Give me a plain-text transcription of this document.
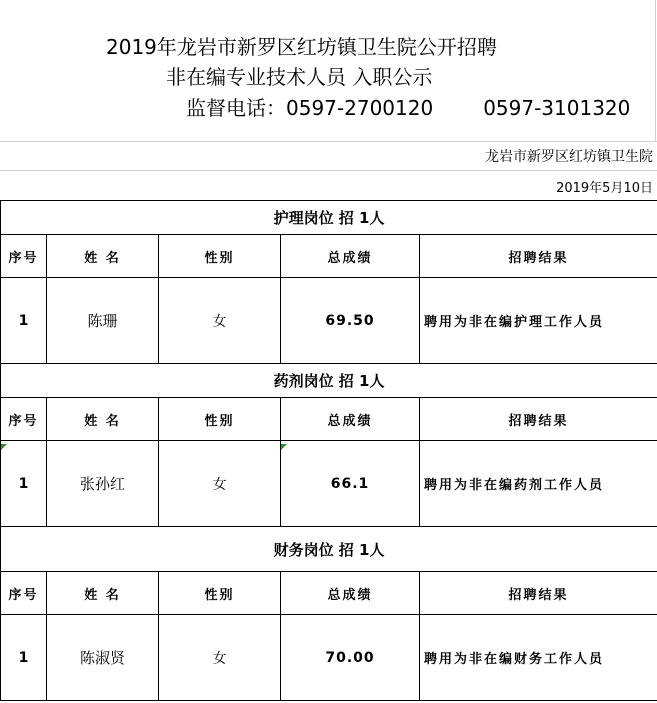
2019年龙岩市新罗区红坊镇卫生院公开招聘
非在编专业技术人员 入职公示
监督电话：0597-2700120	0597-3101320
龙岩市新罗区红坊镇卫生院
2019年5月10日
护理岗位 招 1人				
序号	姓 名	性别	总成绩	招聘结果
1	陈珊	女	69.50	聘用为非在编护理工作人员
药剂岗位 招 1人				
序号	姓 名	性别	总成绩	招聘结果
1	张孙红	女	66.1	聘用为非在编药剂工作人员
财务岗位 招 1人				
序号	姓 名	性别	总成绩	招聘结果
1	陈淑贤	女	70.00	聘用为非在编财务工作人员
